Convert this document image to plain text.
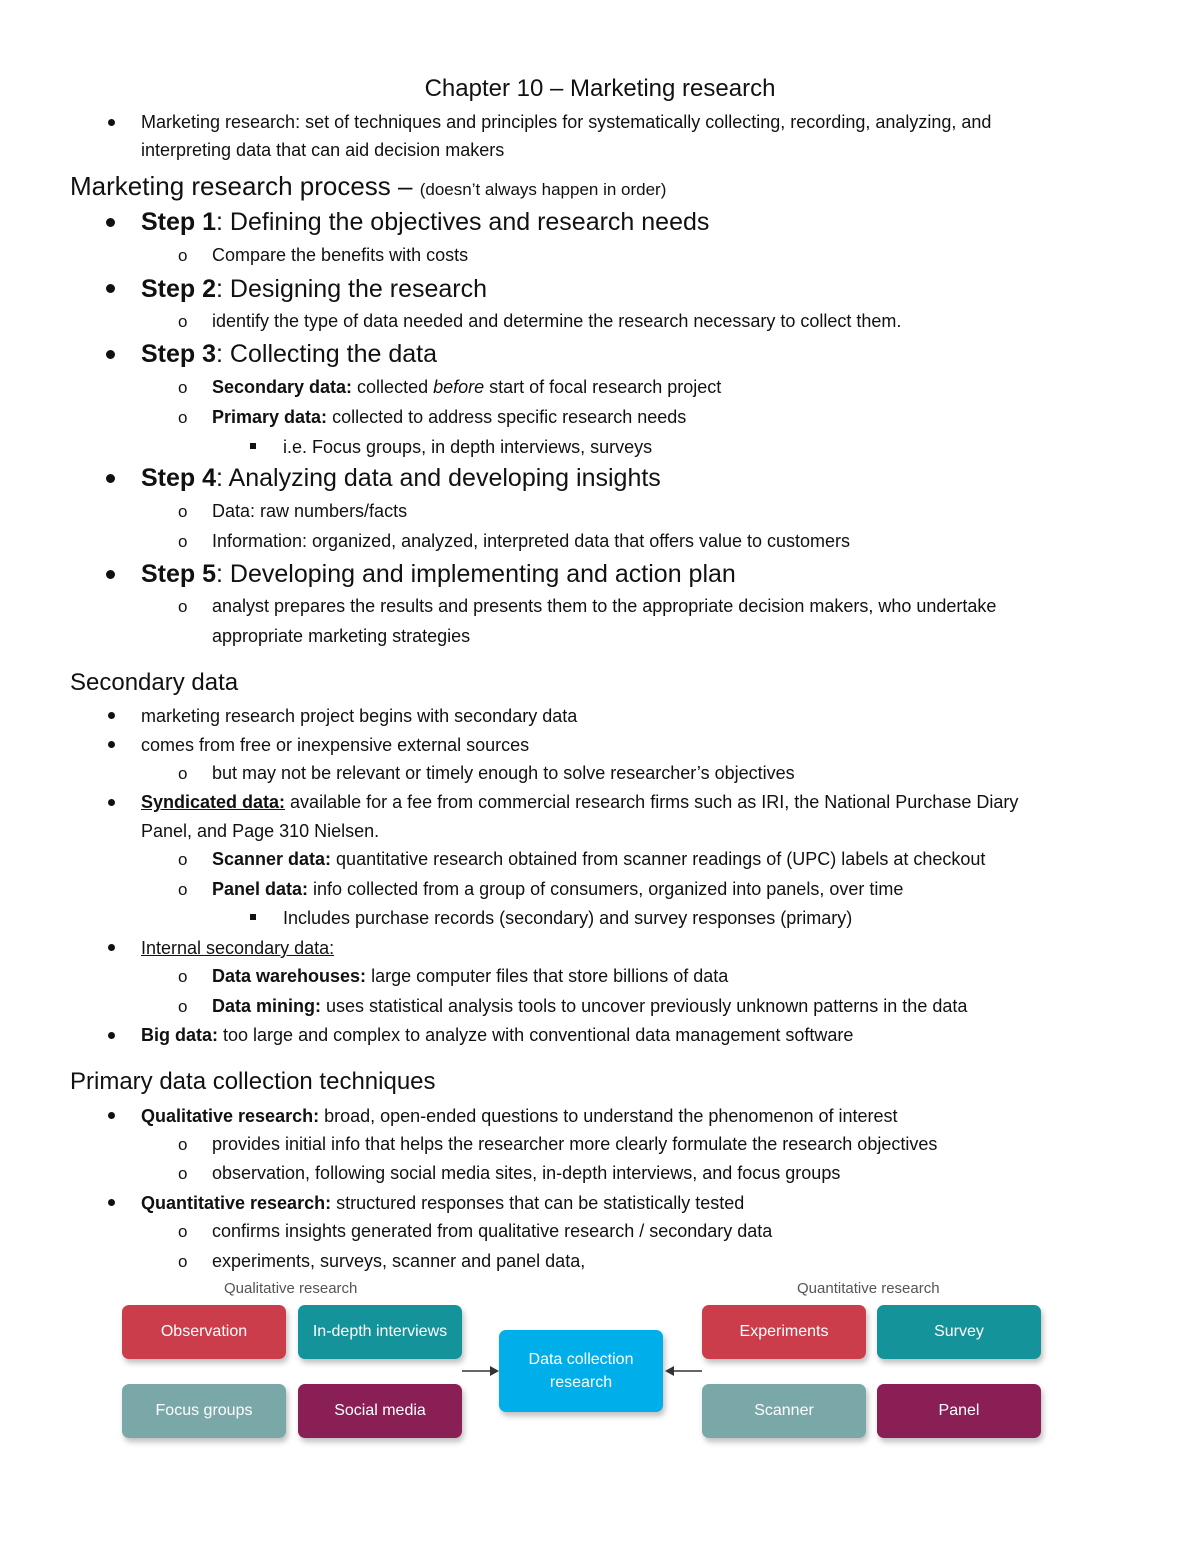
Chapter 10 – Marketing research
Marketing research: set of techniques and principles for systematically collecting, recording, analyzing, and
interpreting data that can aid decision makers
Marketing research process – (doesn’t always happen in order)
Step 1: Defining the objectives and research needs
o Compare the benefits with costs
Step 2: Designing the research
o identify the type of data needed and determine the research necessary to collect them.
Step 3: Collecting the data
o Secondary data: collected before start of focal research project
o Primary data: collected to address specific research needs
i.e. Focus groups, in depth interviews, surveys
Step 4: Analyzing data and developing insights
o Data: raw numbers/facts
o Information: organized, analyzed, interpreted data that offers value to customers
Step 5: Developing and implementing and action plan
o analyst prepares the results and presents them to the appropriate decision makers, who undertake
appropriate marketing strategies
Secondary data
marketing research project begins with secondary data
comes from free or inexpensive external sources
o but may not be relevant or timely enough to solve researcher’s objectives
Syndicated data: available for a fee from commercial research firms such as IRI, the National Purchase Diary
Panel, and Page 310 Nielsen.
o Scanner data: quantitative research obtained from scanner readings of (UPC) labels at checkout
o Panel data: info collected from a group of consumers, organized into panels, over time
Includes purchase records (secondary) and survey responses (primary)
Internal secondary data:
o Data warehouses: large computer files that store billions of data
o Data mining: uses statistical analysis tools to uncover previously unknown patterns in the data
Big data: too large and complex to analyze with conventional data management software
Primary data collection techniques
Qualitative research: broad, open-ended questions to understand the phenomenon of interest
o provides initial info that helps the researcher more clearly formulate the research objectives
o observation, following social media sites, in-depth interviews, and focus groups
Quantitative research: structured responses that can be statistically tested
o confirms insights generated from qualitative research / secondary data
o experiments, surveys, scanner and panel data,
Qualitative research	Quantitative research
Observation	In-depth interviews
Focus groups	Social media
Data collection research
Experiments	Survey
Scanner	Panel
